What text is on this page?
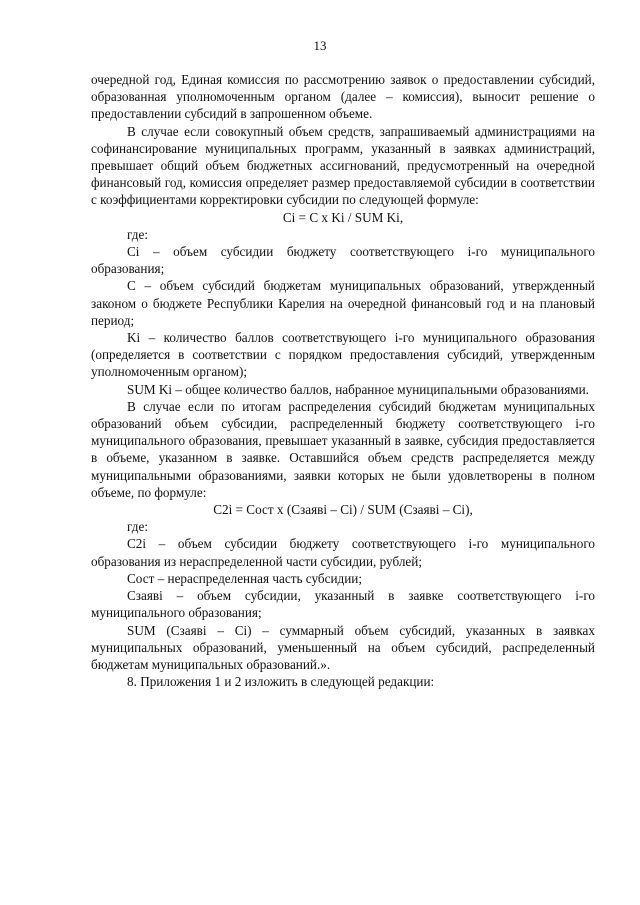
13

очередной год, Единая комиссия по рассмотрению заявок о предоставлении субсидий, образованная уполномоченным органом (далее – комиссия), выносит решение о предоставлении субсидий в запрошенном объеме.

В случае если совокупный объем средств, запрашиваемый администрациями на софинансирование муниципальных программ, указанный в заявках администраций, превышает общий объем бюджетных ассигнований, предусмотренный на очередной финансовый год, комиссия определяет размер предоставляемой субсидии в соответствии с коэффициентами корректировки субсидии по следующей формуле:

Ci = C x Ki / SUM Ki,

где:

Ci – объем субсидии бюджету соответствующего i-го муниципального образования;

C – объем субсидий бюджетам муниципальных образований, утвержденный законом о бюджете Республики Карелия на очередной финансовый год и на плановый период;

Ki – количество баллов соответствующего i-го муниципального образования (определяется в соответствии с порядком предоставления субсидий, утвержденным уполномоченным органом);

SUM Ki – общее количество баллов, набранное муниципальными образованиями.

В случае если по итогам распределения субсидий бюджетам муниципальных образований объем субсидии, распределенный бюджету соответствующего i-го муниципального образования, превышает указанный в заявке, субсидия предоставляется в объеме, указанном в заявке. Оставшийся объем средств распределяется между муниципальными образованиями, заявки которых не были удовлетворены в полном объеме, по формуле:

C2i = Cост x (Cзаявi – Ci) / SUM (Cзаявi – Ci),

где:

C2i – объем субсидии бюджету соответствующего i-го муниципального образования из нераспределенной части субсидии, рублей;

Cост – нераспределенная часть субсидии;

Cзаявi – объем субсидии, указанный в заявке соответствующего i-го муниципального образования;

SUM (Cзаявi – Ci) – суммарный объем субсидий, указанных в заявках муниципальных образований, уменьшенный на объем субсидий, распределенный бюджетам муниципальных образований.».

8. Приложения 1 и 2 изложить в следующей редакции:
